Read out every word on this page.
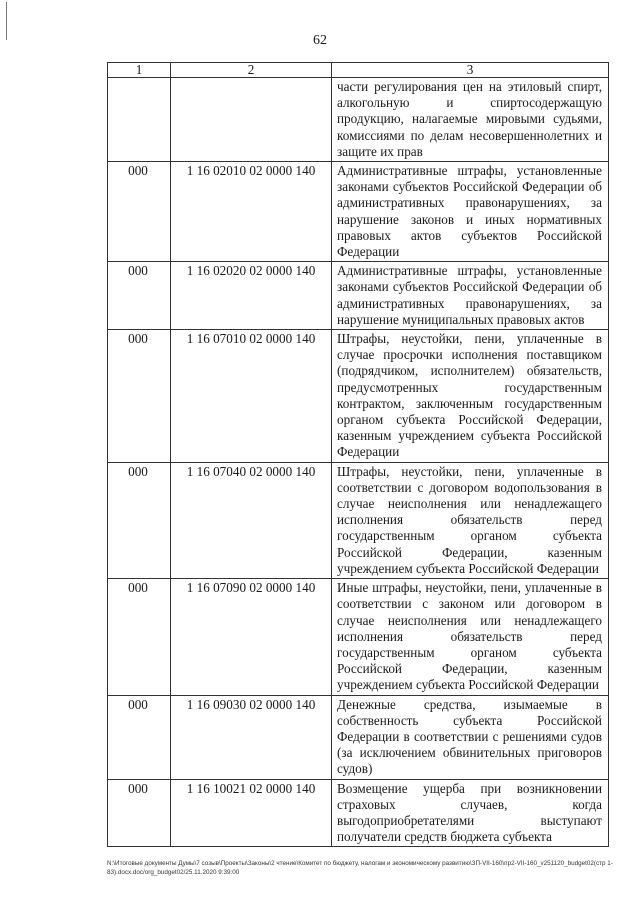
62
1	2	3
		части регулирования цен на этиловый спирт, алкогольную и спиртосодержащую продукцию, налагаемые мировыми судьями, комиссиями по делам несовершеннолетних и защите их прав
000	1 16 02010 02 0000 140	Административные штрафы, установленные законами субъектов Российской Федерации об административных правонарушениях, за нарушение законов и иных нормативных правовых актов субъектов Российской Федерации
000	1 16 02020 02 0000 140	Административные штрафы, установленные законами субъектов Российской Федерации об административных правонарушениях, за нарушение муниципальных правовых актов
000	1 16 07010 02 0000 140	Штрафы, неустойки, пени, уплаченные в случае просрочки исполнения поставщиком (подрядчиком, исполнителем) обязательств, предусмотренных государственным контрактом, заключенным государственным органом субъекта Российской Федерации, казенным учреждением субъекта Российской Федерации
000	1 16 07040 02 0000 140	Штрафы, неустойки, пени, уплаченные в соответствии с договором водопользования в случае неисполнения или ненадлежащего исполнения обязательств перед государственным органом субъекта Российской Федерации, казенным учреждением субъекта Российской Федерации
000	1 16 07090 02 0000 140	Иные штрафы, неустойки, пени, уплаченные в соответствии с законом или договором в случае неисполнения или ненадлежащего исполнения обязательств перед государственным органом субъекта Российской Федерации, казенным учреждением субъекта Российской Федерации
000	1 16 09030 02 0000 140	Денежные средства, изымаемые в собственность субъекта Российской Федерации в соответствии с решениями судов (за исключением обвинительных приговоров судов)
000	1 16 10021 02 0000 140	Возмещение ущерба при возникновении страховых случаев, когда выгодоприобретателями выступают получатели средств бюджета субъекта
N:\Итоговые документы Думы\7 созыв\Проекты\Законы\2 чтение\Комитет по бюджету, налогам и экономическому развитию\ЗП-VII-160\пр2-VII-160_v251120_budget02(стр 1-83).docx.doc/org_budget02/25.11.2020 9:39:00
